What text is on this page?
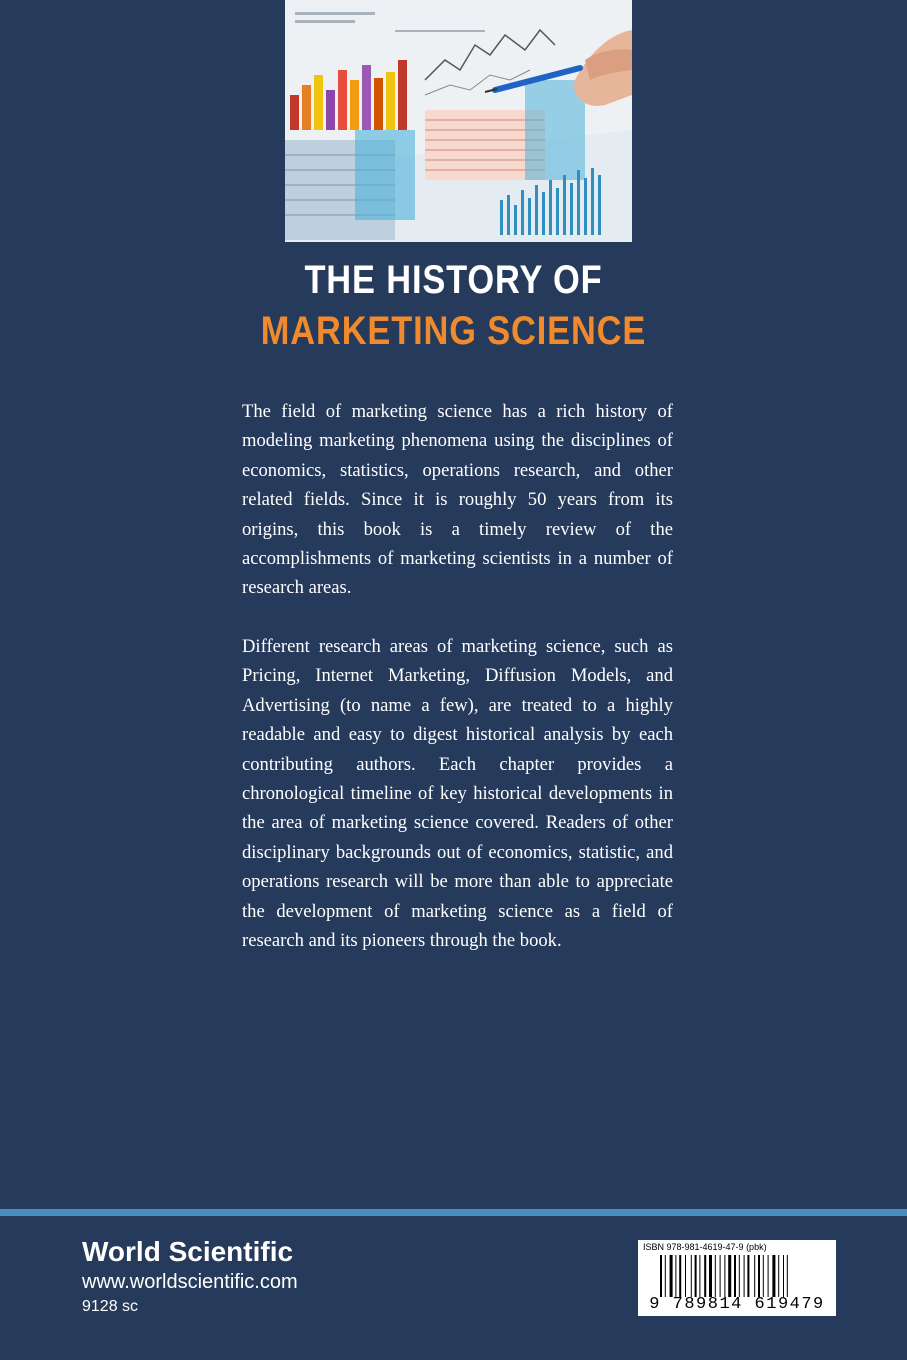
THE HISTORY OF
MARKETING SCIENCE
The field of marketing science has a rich history of modeling marketing phenomena using the disciplines of economics, statistics, operations research, and other related fields. Since it is roughly 50 years from its origins, this book is a timely review of the accomplishments of marketing scientists in a number of research areas.
Different research areas of marketing science, such as Pricing, Internet Marketing, Diffusion Models, and Advertising (to name a few), are treated to a highly readable and easy to digest historical analysis by each contributing authors. Each chapter provides a chronological timeline of key historical developments in the area of marketing science covered. Readers of other disciplinary backgrounds out of economics, statistic, and operations research will be more than able to appreciate the development of marketing science as a field of research and its pioneers through the book.
World Scientific
www.worldscientific.com
9128 sc
ISBN 978-981-4619-47-9 (pbk)
9 789814 619479
